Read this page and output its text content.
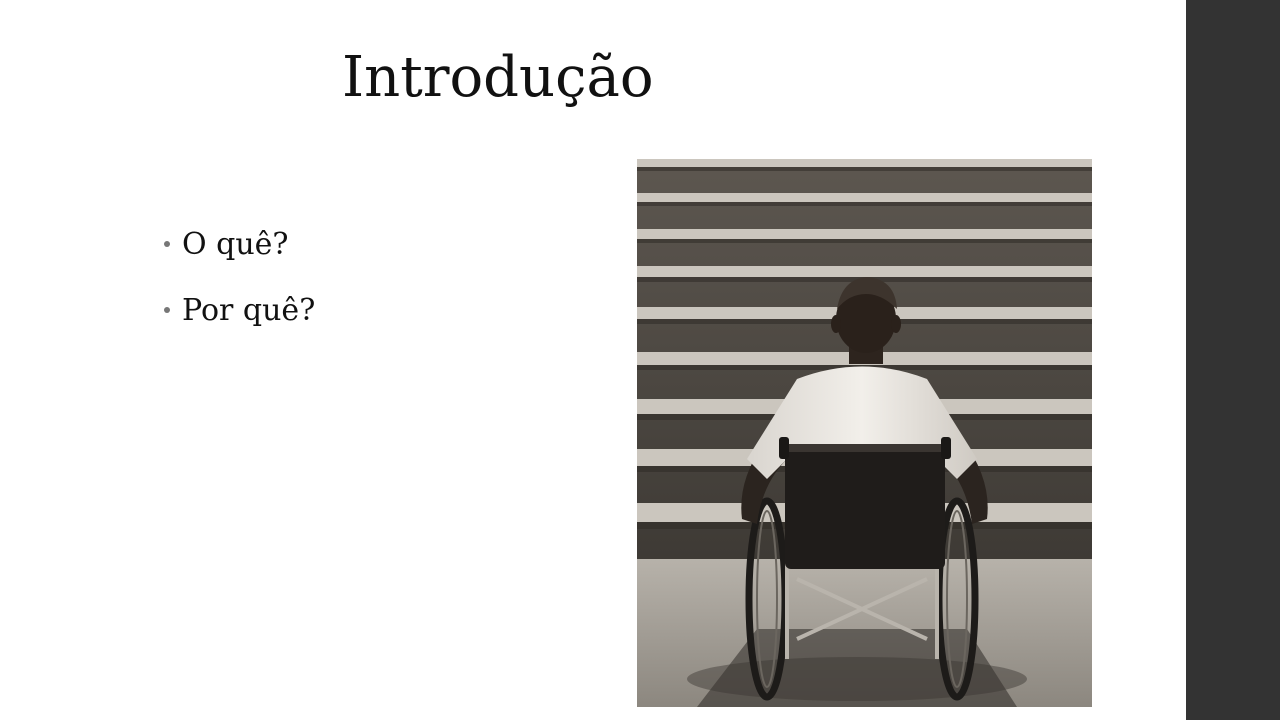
Introdução
O quê?
Por quê?
